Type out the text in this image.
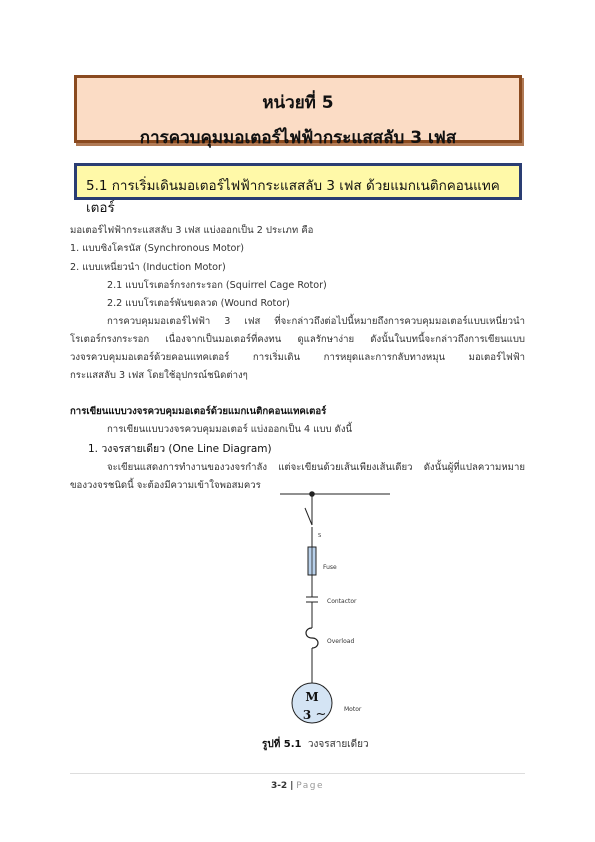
หน่วยที่ 5
การควบคุมมอเตอร์ไฟฟ้ากระแสสลับ 3 เฟส
5.1 การเริ่มเดินมอเตอร์ไฟฟ้ากระแสสลับ 3 เฟส ด้วยแมกเนติกคอนแทคเตอร์
มอเตอร์ไฟฟ้ากระแสสลับ 3 เฟส แบ่งออกเป็น 2 ประเภท คือ
1. แบบซิงโครนัส (Synchronous Motor)
2. แบบเหนี่ยวนำ (Induction Motor)
2.1 แบบโรเตอร์กรงกระรอก (Squirrel Cage Rotor)
2.2 แบบโรเตอร์พันขดลวด (Wound Rotor)
การควบคุมมอเตอร์ไฟฟ้า 3 เฟส ที่จะกล่าวถึงต่อไปนี้หมายถึงการควบคุมมอเตอร์แบบเหนี่ยวนำ
โรเตอร์กรงกระรอก เนื่องจากเป็นมอเตอร์ที่คงทน ดูแลรักษาง่าย ดังนั้นในบทนี้จะกล่าวถึงการเขียนแบบ
วงจรควบคุมมอเตอร์ด้วยคอนแทคเตอร์ การเริ่มเดิน การหยุดและการกลับทางหมุน มอเตอร์ไฟฟ้า
กระแสสลับ 3 เฟส โดยใช้อุปกรณ์ชนิดต่างๆ
การเขียนแบบวงจรควบคุมมอเตอร์ด้วยแมกเนติกคอนแทคเตอร์
การเขียนแบบวงจรควบคุมมอเตอร์ แบ่งออกเป็น 4 แบบ ดังนี้
1. วงจรสายเดียว (One Line Diagram)
จะเขียนแสดงการทำงานของวงจรกำลัง แต่จะเขียนด้วยเส้นเพียงเส้นเดียว ดังนั้นผู้ที่แปลความหมาย
ของวงจรชนิดนี้ จะต้องมีความเข้าใจพอสมควร
S
Fuse
Contactor
Overload
M
3 ~	Motor
รูปที่ 5.1 วงจรสายเดียว
3-2 | Page
